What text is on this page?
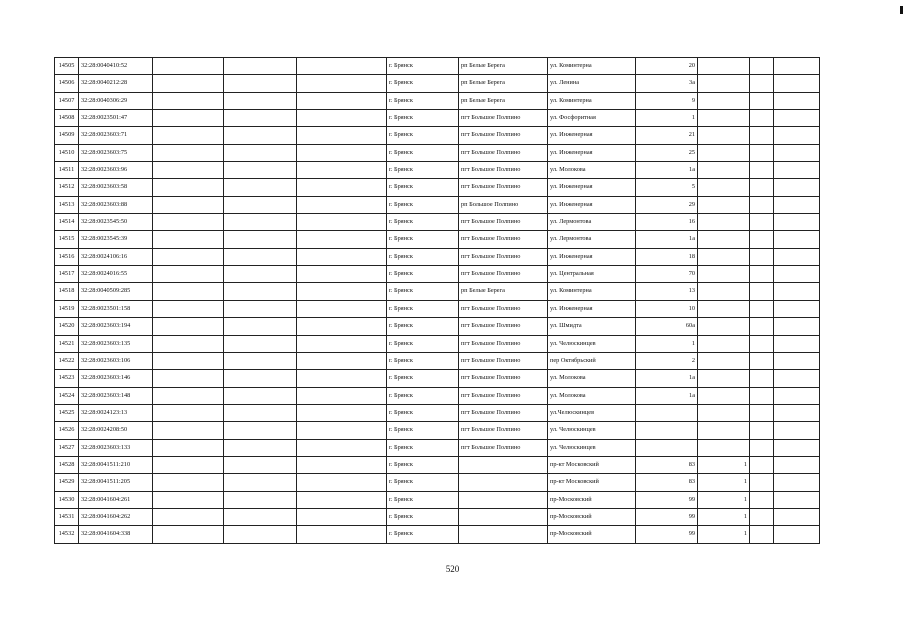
14505	32:28:0040410:52				г. Брянск	рп Белые Берега	ул. Коминтерна	20			
14506	32:28:0040212:28				г. Брянск	рп Белые Берега	ул. Ленина	3а			
14507	32:28:0040306:29				г. Брянск	рп Белые Берега	ул. Коминтерна	9			
14508	32:28:0023501:47				г. Брянск	пгт Большое Полпино	ул. Фосфоритная	1			
14509	32:28:0023603:71				г. Брянск	пгт Большое Полпино	ул. Инженерная	21			
14510	32:28:0023603:75				г. Брянск	пгт Большое Полпино	ул. Инженерная	25			
14511	32:28:0023603:96				г. Брянск	пгт Большое Полпино	ул. Молокова	1а			
14512	32:28:0023603:58				г. Брянск	пгт Большое Полпино	ул. Инженерная	5			
14513	32:28:0023603:88				г. Брянск	рп Большое Полпино	ул. Инженерная	29			
14514	32:28:0023545:50				г. Брянск	пгт Большое Полпино	ул. Лермонтова	16			
14515	32:28:0023545:39				г. Брянск	пгт Большое Полпино	ул. Лермонтова	1а			
14516	32:28:0024106:16				г. Брянск	пгт Большое Полпино	ул. Инженерная	18			
14517	32:28:0024016:55				г. Брянск	пгт Большое Полпино	ул. Центральная	70			
14518	32:28:0040509:285				г. Брянск	рп Белые Берега	ул. Коминтерна	13			
14519	32:28:0023501:158				г. Брянск	пгт Большое Полпино	ул. Инженерная	10			
14520	32:28:0023603:194				г. Брянск	пгт Большое Полпино	ул. Шмидта	60а			
14521	32:28:0023603:135				г. Брянск	пгт Большое Полпино	ул. Челюскинцев	1			
14522	32:28:0023603:106				г. Брянск	пгт Большое Полпино	пер Октябрьский	2			
14523	32:28:0023603:146				г. Брянск	пгт Большое Полпино	ул. Молокова	1а			
14524	32:28:0023603:148				г. Брянск	пгт Большое Полпино	ул. Молокова	1а			
14525	32:28:0024123:13				г. Брянск	пгт Большое Полпино	ул.Челюскинцев				
14526	32:28:0024208:50				г. Брянск	пгт Большое Полпино	ул. Челюскинцев				
14527	32:28:0023603:133				г. Брянск	пгт Большое Полпино	ул. Челюскинцев				
14528	32:28:0041511:210				г. Брянск		пр-кт Московский	83	1		
14529	32:28:0041511:205				г. Брянск		пр-кт Московский	83	1		
14530	32:28:0041604:261				г. Брянск		пр-Московский	99	1		
14531	32:28:0041604:262				г. Брянск		пр-Московский	99	1		
14532	32:28:0041604:338				г. Брянск		пр-Московский	99	1		
520
